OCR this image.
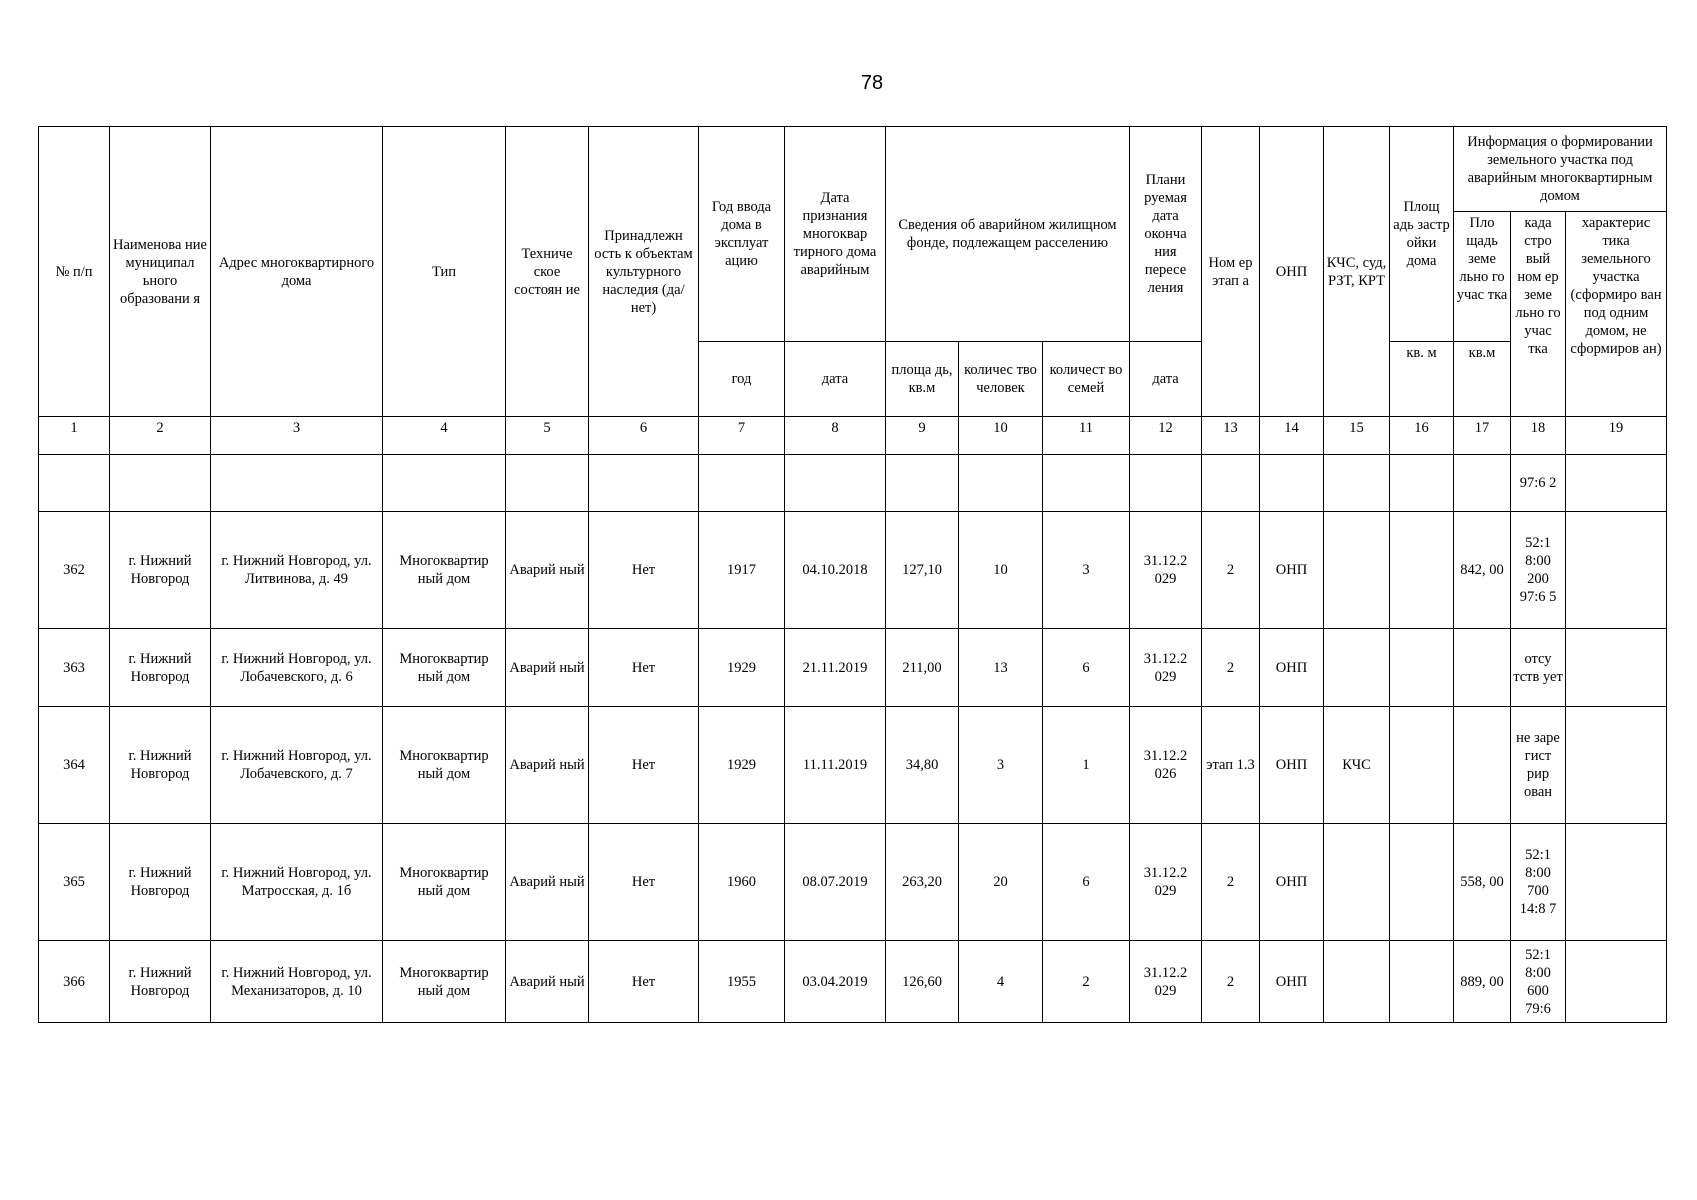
78
№ п/п	Наименова ние муниципал ьного образовани я	Адрес многоквартирного дома	Тип	Техниче ское состоян ие	Принадлежн ость к объектам культурного наследия (да/нет)	Год ввода дома в эксплуат ацию	Дата признания многоквар тирного дома аварийным	Сведения об аварийном жилищном фонде, подлежащем расселению			Плани руемая дата оконча ния пересе ления	Ном ер этап а	ОНП	КЧС, суд, РЗТ, КРТ	Площ адь застр ойки дома	Информация о формировании земельного участка под аварийным многоквартирным домом		
																Пло щадь земе льно го учас тка	када стро вый ном ер земе льно го учас тка	характерис тика земельного участка (сформиро ван под одним домом, не сформиров ан)
						год	дата	площа дь, кв.м	количес тво человек	количест во семей	дата				кв. м	кв.м		
1	2	3	4	5	6	7	8	9	10	11	12	13	14	15	16	17	18	19
																	97:6 2	
362	г. Нижний Новгород	г. Нижний Новгород, ул. Литвинова, д. 49	Многоквартир ный дом	Аварий ный	Нет	1917	04.10.2018	127,10	10	3	31.12.2 029	2	ОНП			842, 00	52:1 8:00 200 97:6 5	
363	г. Нижний Новгород	г. Нижний Новгород, ул. Лобачевского, д. 6	Многоквартир ный дом	Аварий ный	Нет	1929	21.11.2019	211,00	13	6	31.12.2 029	2	ОНП				отсу тств ует	
364	г. Нижний Новгород	г. Нижний Новгород, ул. Лобачевского, д. 7	Многоквартир ный дом	Аварий ный	Нет	1929	11.11.2019	34,80	3	1	31.12.2 026	этап 1.3	ОНП	КЧС			не заре гист рир ован	
365	г. Нижний Новгород	г. Нижний Новгород, ул. Матросская, д. 1б	Многоквартир ный дом	Аварий ный	Нет	1960	08.07.2019	263,20	20	6	31.12.2 029	2	ОНП			558, 00	52:1 8:00 700 14:8 7	
366	г. Нижний Новгород	г. Нижний Новгород, ул. Механизаторов, д. 10	Многоквартир ный дом	Аварий ный	Нет	1955	03.04.2019	126,60	4	2	31.12.2 029	2	ОНП			889, 00	52:1 8:00 600 79:6	
